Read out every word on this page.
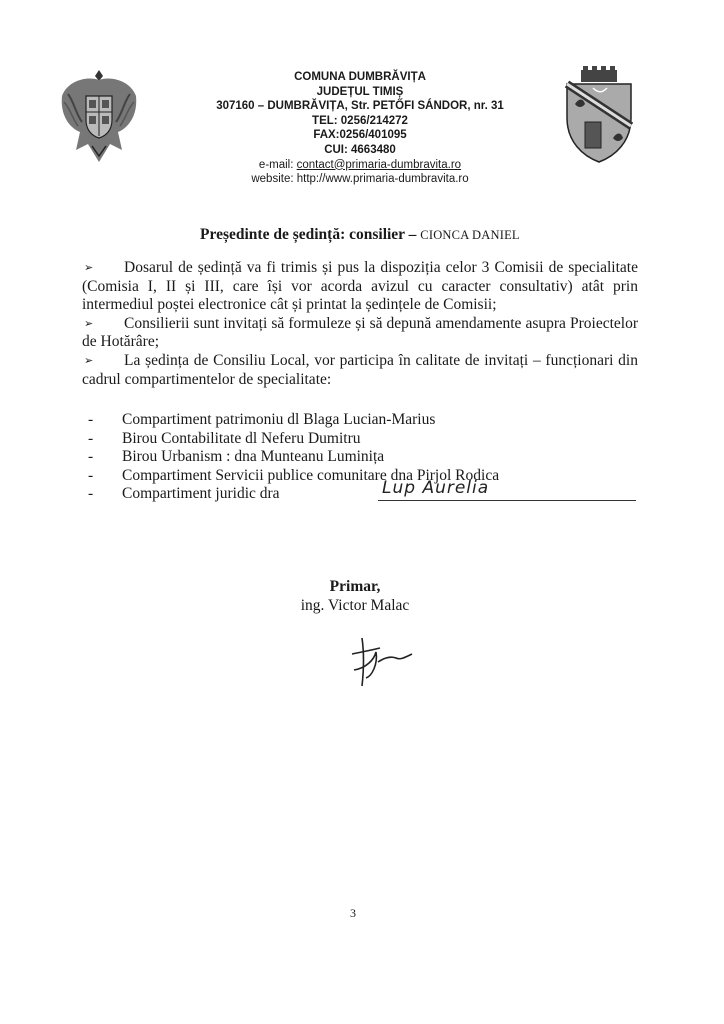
COMUNA DUMBRĂVIȚA
JUDEȚUL TIMIȘ
307160 – DUMBRĂVIȚA, Str. PETŐFI SÁNDOR, nr. 31
TEL: 0256/214272
FAX:0256/401095
CUI: 4663480
e-mail: contact@primaria-dumbravita.ro
website: http://www.primaria-dumbravita.ro
Președinte de ședință: consilier – CIONCA DANIEL

➢ Dosarul de ședință va fi trimis și pus la dispoziția celor 3 Comisii de specialitate (Comisia I, II și III, care își vor acorda avizul cu caracter consultativ) atât prin intermediul poștei electronice cât și printat la ședințele de Comisii;

➢ Consilierii sunt invitați să formuleze și să depună amendamente asupra Proiectelor de Hotărâre;

➢ La ședința de Consiliu Local, vor participa în calitate de invitați – funcționari din cadrul compartimentelor de specialitate:

- Compartiment patrimoniu dl Blaga Lucian-Marius
- Birou Contabilitate dl Neferu Dumitru
- Birou Urbanism : dna Munteanu Luminița
- Compartiment Servicii publice comunitare dna Pirjol Rodica
- Compartiment juridic dra	Lup Aurelia
Primar,
ing. Victor Malac
3
